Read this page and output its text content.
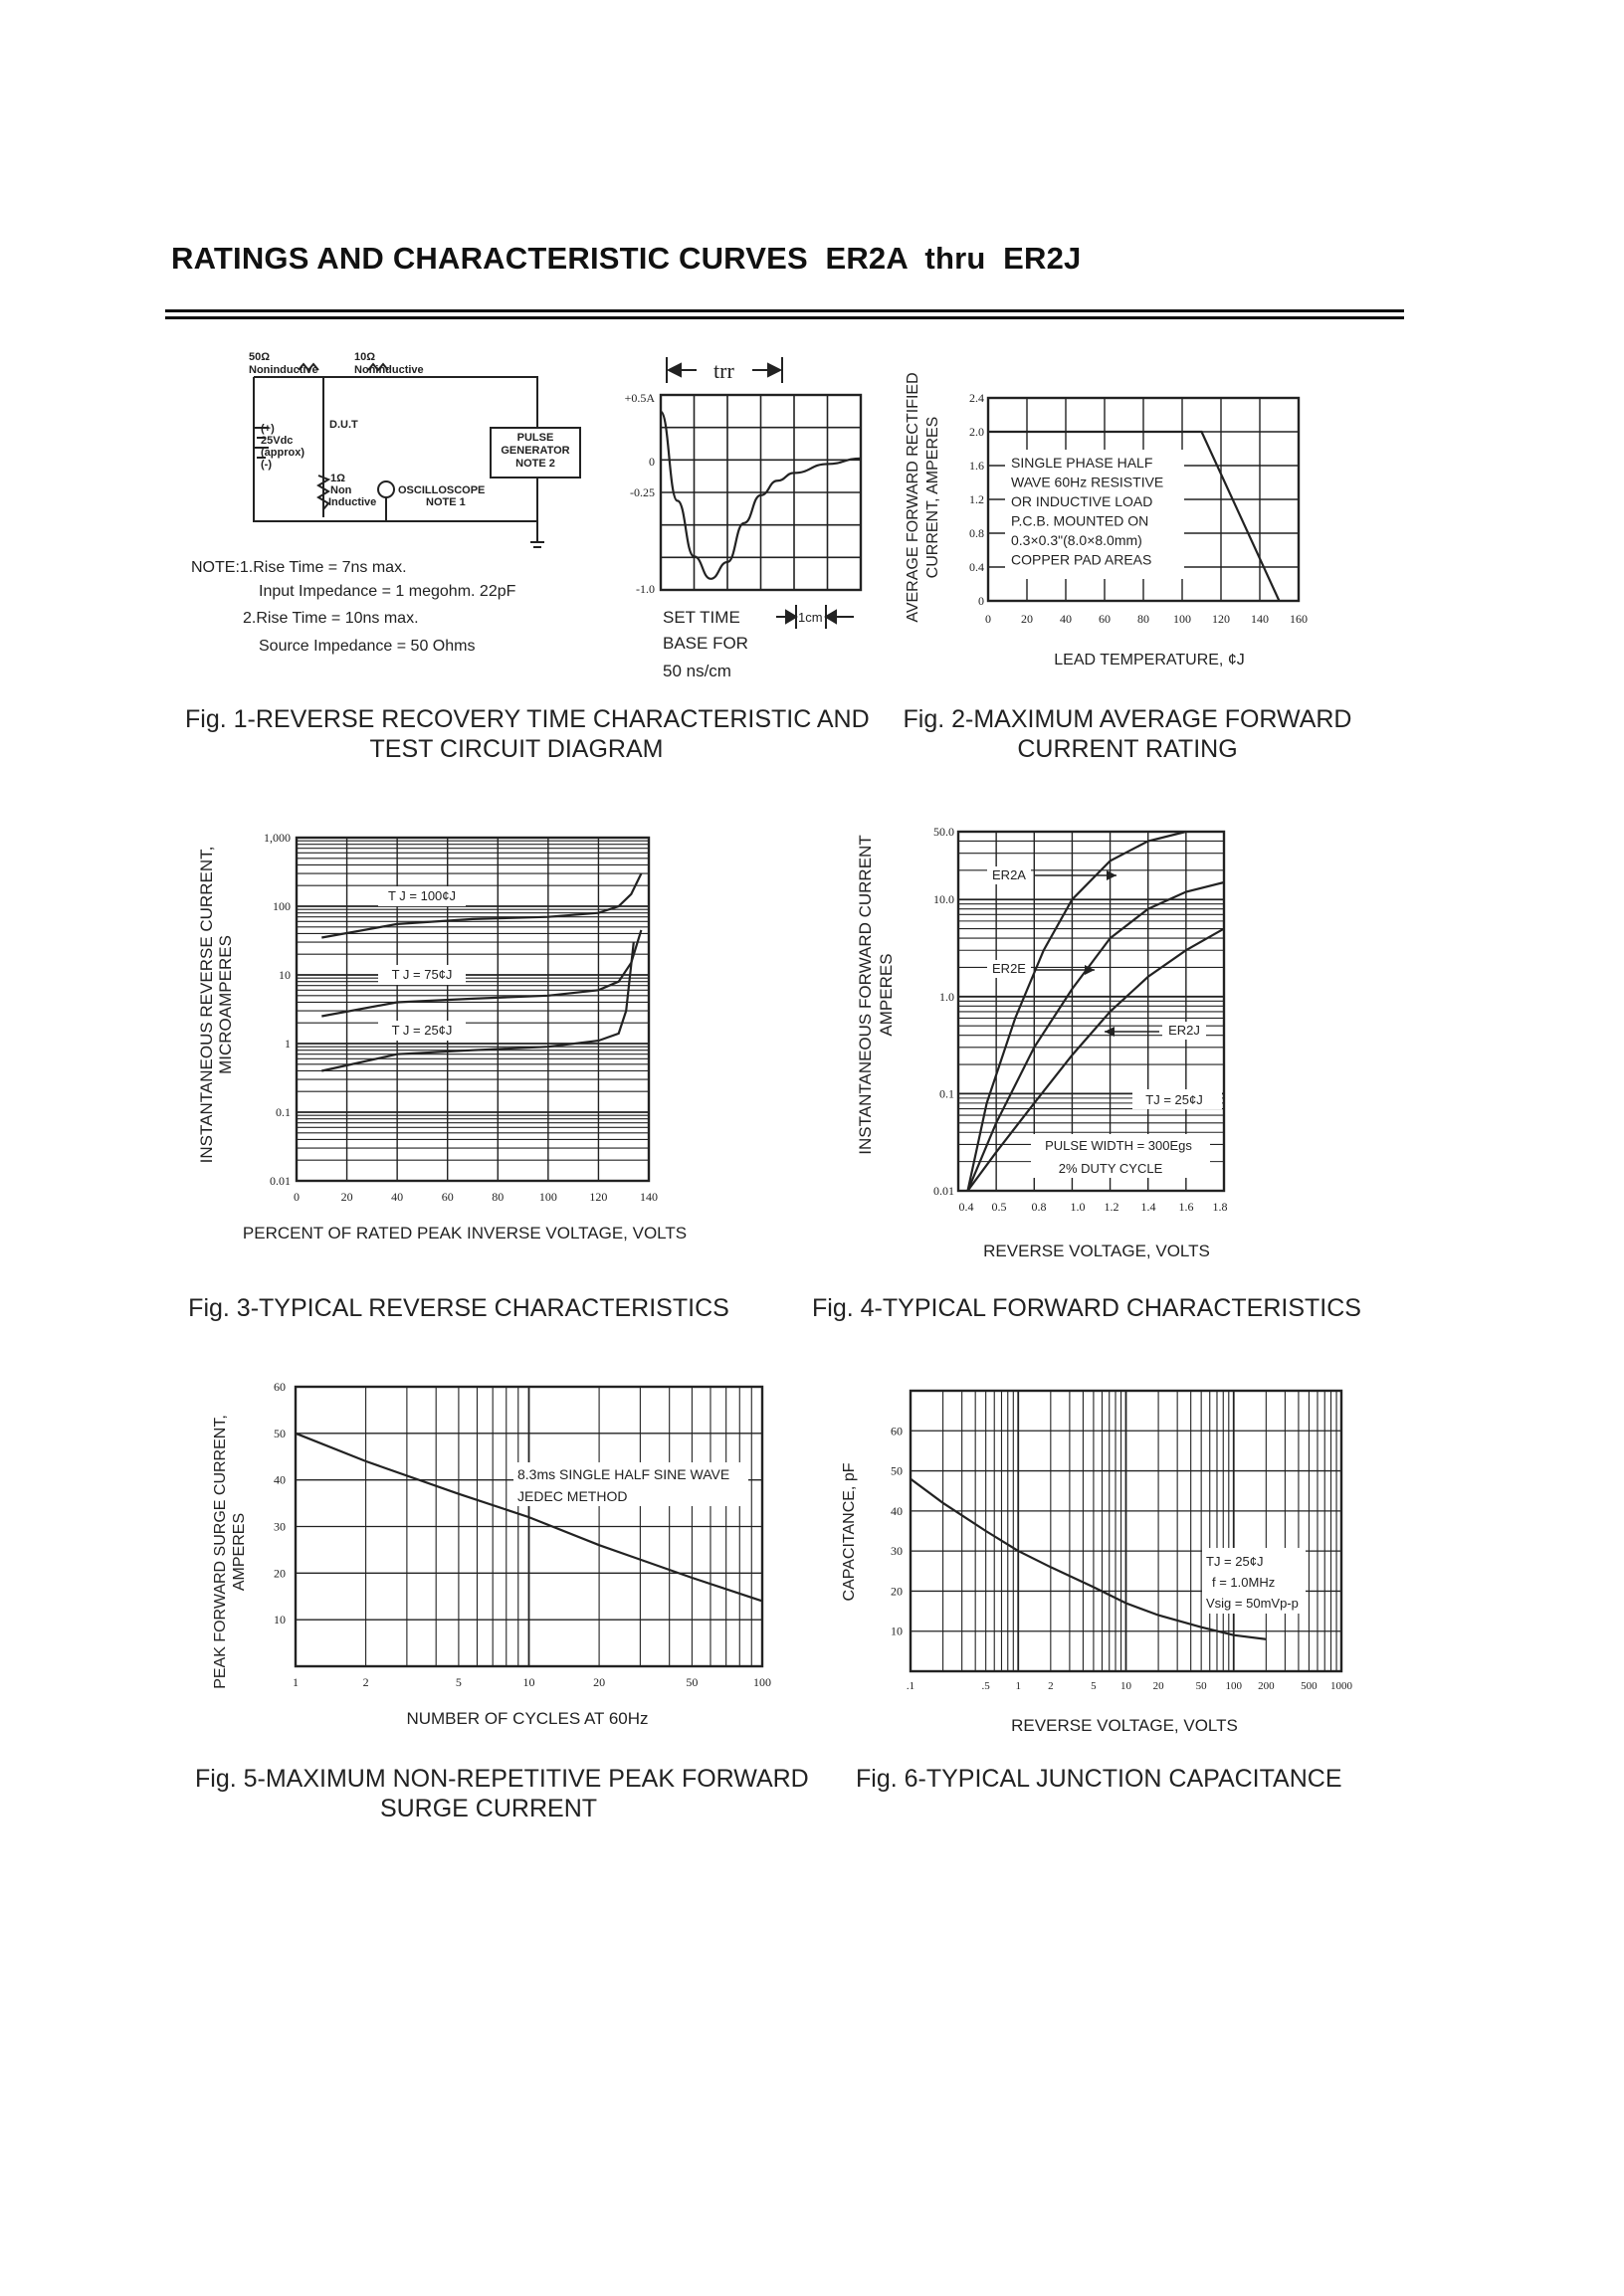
RATINGS AND CHARACTERISTIC CURVES  ER2A  thru  ER2J
50Ω
Noninductive
10Ω
Noninductive
D.U.T
(+)
25Vdc
(approx)
(-)
1Ω
Non
Inductive
OSCILLOSCOPE
NOTE 1
PULSE
GENERATOR
NOTE 2
NOTE:1.Rise Time = 7ns max.
Input Impedance = 1 megohm. 22pF
2.Rise Time = 10ns max.
Source Impedance = 50 Ohms
+0.5A
0
-0.25
-1.0
trr
SET TIME
BASE FOR
50 ns/cm
1cm	0	20 40 60 80 100 120 140 160
0
0.4
0.8
1.2
1.6
2.0
2.4
SINGLE PHASE HALF
WAVE 60Hz RESISTIVE
OR INDUCTIVE LOAD
P.C.B. MOUNTED ON
0.3×0.3"(8.0×8.0mm)
COPPER PAD AREAS
AVERAGE FORWARD RECTIFIED CURRENT, AMPERES
LEAD TEMPERATURE, ¢J
0	20	40	60	80	100	120	140
0.01
0.1
1
10
100
1,000
T J = 100¢J
T J = 75¢J
T J = 25¢J
INSTANTANEOUS REVERSE CURRENT, MICROAMPERES
PERCENT OF RATED PEAK INVERSE VOLTAGE, VOLTS
0.4 0.5 0.8 1.0 1.2 1.4 1.6 1.8
0.01
0.1
1.0
10.0
50.0
ER2A
ER2E
ER2J
TJ = 25¢J
PULSE WIDTH = 300Egs
2% DUTY CYCLE
INSTANTANEOUS FORWARD CURRENT AMPERES
REVERSE VOLTAGE, VOLTS
1	2	5	10	20	50	100
10
20
30
40
50
60
8.3ms SINGLE HALF SINE WAVE
JEDEC METHOD
PEAK FORWARD SURGE CURRENT, AMPERES
NUMBER OF CYCLES AT 60Hz
.1	.5 1 2	5 10 20	50 100 200 500 1000
10
20
30
40
50
60
TJ = 25¢J
f = 1.0MHz
Vsig = 50mVp-p
CAPACITANCE, pF
REVERSE VOLTAGE, VOLTS
Fig. 1-REVERSE RECOVERY TIME CHARACTERISTIC AND
TEST CIRCUIT DIAGRAM
Fig. 2-MAXIMUM AVERAGE FORWARD
CURRENT RATING
Fig. 3-TYPICAL REVERSE CHARACTERISTICS	Fig. 4-TYPICAL FORWARD CHARACTERISTICS
Fig. 5-MAXIMUM NON-REPETITIVE PEAK FORWARD
SURGE CURRENT
Fig. 6-TYPICAL JUNCTION CAPACITANCE
